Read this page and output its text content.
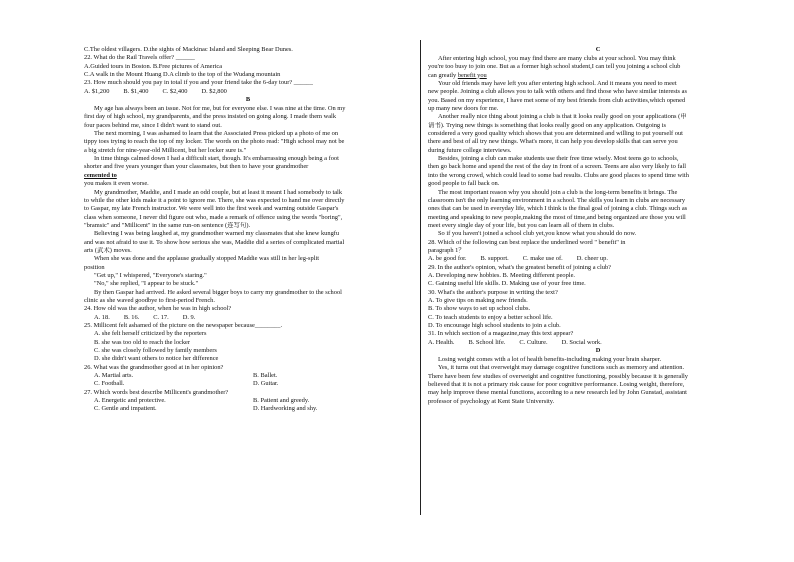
C.The oldest villagers. D.the sights of Mackinac Island and Sleeping Bear Dunes.
22. What do the Rail Travels offer? ______
A.Guided tours in Boston. B.Free pictures of America
C.A walk in the Mount Huang D.A climb to the top of the Wudang mountain
23. How much should you pay in total if you and your friend take the 6-day tour? ______
A. $1,200 B. $1,400 C. $2,400 D. $2,800
B
My age has always been an issue. Not for me, but for everyone else. I was nine at the time. On my
first day of high school, my grandparents, and the press insisted on going along. I made them walk
four paces behind me, since I didn't want to stand out.
The next morning, I was ashamed to learn that the Associated Press picked up a photo of me on
tippy toes trying to reach the top of my locker. The words on the photo read: "High school may not be
a big stretch for nine-year-old Millicent, but her locker sure is."
In time things calmed down I had a difficult start, though. It's embarrassing enough being a foot
shorter and five years younger than your classmates, but then to have your grandmother
cemented to
you makes it even worse.
My grandmother, Maddie, and I made an odd couple, but at least it meant I had somebody to talk
to while the other kids make it a point to ignore me. There, she was expected to hand me over directly
to Gaspar, my late French instructor. We were well into the first week and warning outside Gaspar's
class when someone, I never did figure out who, made a remark of offence using the words "boring",
"bramsic" and "Millicent" in the same run-on sentence (连写句).
Believing I was being laughed at, my grandmother warned my classmates that she knew kungfu
and was not afraid to use it. To show how serious she was, Maddie did a series of complicated martial
arts (武术) moves.
When she was done and the applause gradually stopped Maddie was still in her leg-split
position
"Get up," I whispered, "Everyone's staring."
"No," she replied, "I appear to be stuck."
By then Gaspar had arrived. He asked several bigger boys to carry my grandmother to the school
clinic as she waved goodbye to first-period French.
24. How old was the author, when he was in high school?
A. 18. B. 16. C. 17. D. 9.
25. Millicent felt ashamed of the picture on the newspaper because________.
A. she felt herself criticized by the reporters
B. she was too old to reach the locker
C. she was closely followed by family members
D. she didn't want others to notice her difference
26. What was the grandmother good at in her opinion?
A. Martial arts.	B. Ballet.
C. Football.	D. Guitar.
27. Which words best describe Millicent's grandmother?
A. Energetic and protective.	B. Patient and greedy.
C. Gentle and impatient.	D. Hardworking and shy.
C
After entering high school, you may find there are many clubs at your school. You may think
you're too busy to join one. But as a former high school student,I can tell you joining a school club
can greatly benefit you
Your old friends may have left you after entering high school. And it means you need to meet
new people. Joining a club allows you to talk with others and find those who have similar interests as
you. Based on my experience, I have met some of my best friends from club activities,which opened
up many new doors for me.
Another really nice thing about joining a club is that it looks really good on your applications (申
请书). Trying new things is something that looks really good on any application. Outgoing is
considered a very good quality which shows that you are determined and willing to put yourself out
there and best of all try new things. What's more, it can help you develop skills that can serve you
during future college interviews.
Besides, joining a club can make students use their free time wisely. Most teens go to schools,
then go back home and spend the rest of the day in front of a screen. Teens are also very likely to fall
into the wrong crowd, which could lead to some bad results. Clubs are good places to spend time with
good people to fall back on.
The most important reason why you should join a club is the long-term benefits it brings. The
classroom isn't the only learning environment in a school. The skills you learn in clubs are necessary
ones that can be used in everyday life, which I think is the final goal of joining a club. Things such as
meeting and speaking to new people,making the most of time,and being organized are those you will
meet every single day of your life, but you can learn all of them in clubs.
So if you haven't joined a school club yet,you know what you should do now.
28. Which of the following can best replace the underlined word " benefit" in
paragraph 1？
A. be good for. B. support. C. make use of. D. cheer up.
29. In the author's opinion, what's the greatest benefit of joining a club?
A. Developing new hobbies. B. Meeting different people.
C. Gaining useful life skills. D. Making use of your free time.
30. What's the author's purpose in writing the text?
A. To give tips on making new friends.
B. To show ways to set up school clubs.
C. To teach students to enjoy a better school life.
D. To encourage high school students to join a club.
31. In which section of a magazine,may this text appear?
A. Health. B. School life. C. Culture. D. Social work.
D
Losing weight comes with a lot of health benefits-including making your brain sharper.
Yes, it turns out that overweight may damage cognitive functions such as memory and attention.
There have been few studies of overweight and cognitive functioning, possibly because it is generally
believed that it is not a primary risk cause for poor cognitive performance. Losing weight, therefore,
may help improve these mental functions, according to a new research led by John Gunstad, assistant
professor of psychology at Kent State University.
